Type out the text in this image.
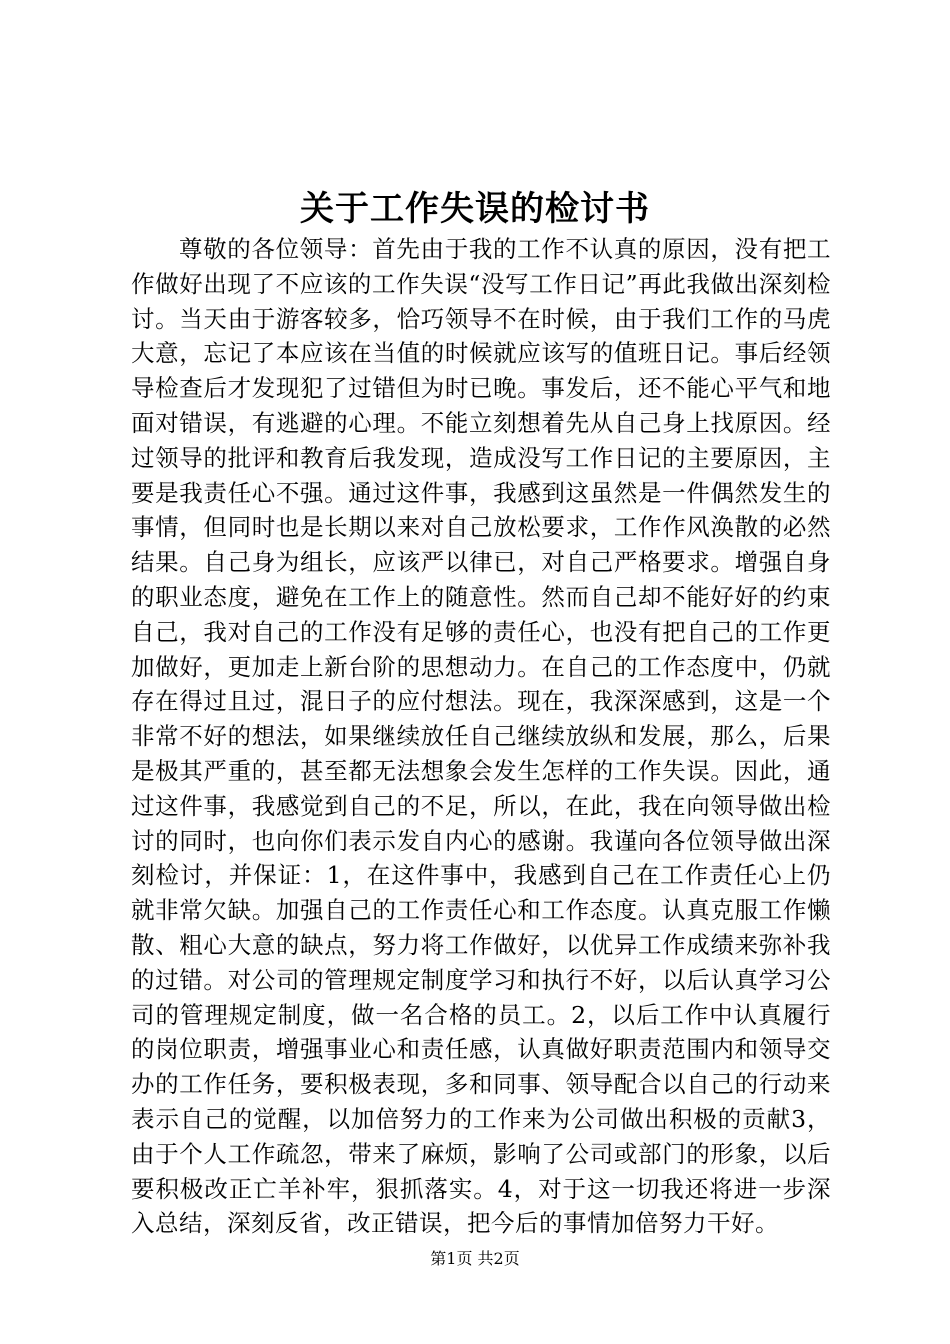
关于工作失误的检讨书

尊敬的各位领导：首先由于我的工作不认真的原因，没有把工作做好出现了不应该的工作失误“没写工作日记”再此我做出深刻检讨。当天由于游客较多，恰巧领导不在时候，由于我们工作的马虎大意，忘记了本应该在当值的时候就应该写的值班日记。事后经领导检查后才发现犯了过错但为时已晚。事发后，还不能心平气和地面对错误，有逃避的心理。不能立刻想着先从自己身上找原因。经过领导的批评和教育后我发现，造成没写工作日记的主要原因，主要是我责任心不强。通过这件事，我感到这虽然是一件偶然发生的事情，但同时也是长期以来对自己放松要求，工作作风涣散的必然结果。自己身为组长，应该严以律已，对自己严格要求。增强自身的职业态度，避免在工作上的随意性。然而自己却不能好好的约束自己，我对自己的工作没有足够的责任心，也没有把自己的工作更加做好，更加走上新台阶的思想动力。在自己的工作态度中，仍就存在得过且过，混日子的应付想法。现在，我深深感到，这是一个非常不好的想法，如果继续放任自己继续放纵和发展，那么，后果是极其严重的，甚至都无法想象会发生怎样的工作失误。因此，通过这件事，我感觉到自己的不足，所以，在此，我在向领导做出检讨的同时，也向你们表示发自内心的感谢。我谨向各位领导做出深刻检讨，并保证：1，在这件事中，我感到自己在工作责任心上仍就非常欠缺。加强自己的工作责任心和工作态度。认真克服工作懒散、粗心大意的缺点，努力将工作做好，以优异工作成绩来弥补我的过错。对公司的管理规定制度学习和执行不好，以后认真学习公司的管理规定制度，做一名合格的员工。2，以后工作中认真履行的岗位职责，增强事业心和责任感，认真做好职责范围内和领导交办的工作任务，要积极表现，多和同事、领导配合以自己的行动来表示自己的觉醒，以加倍努力的工作来为公司做出积极的贡献3，由于个人工作疏忽，带来了麻烦，影响了公司或部门的形象，以后要积极改正亡羊补牢，狠抓落实。4，对于这一切我还将进一步深入总结，深刻反省，改正错误，把今后的事情加倍努力干好。

第1页 共2页
